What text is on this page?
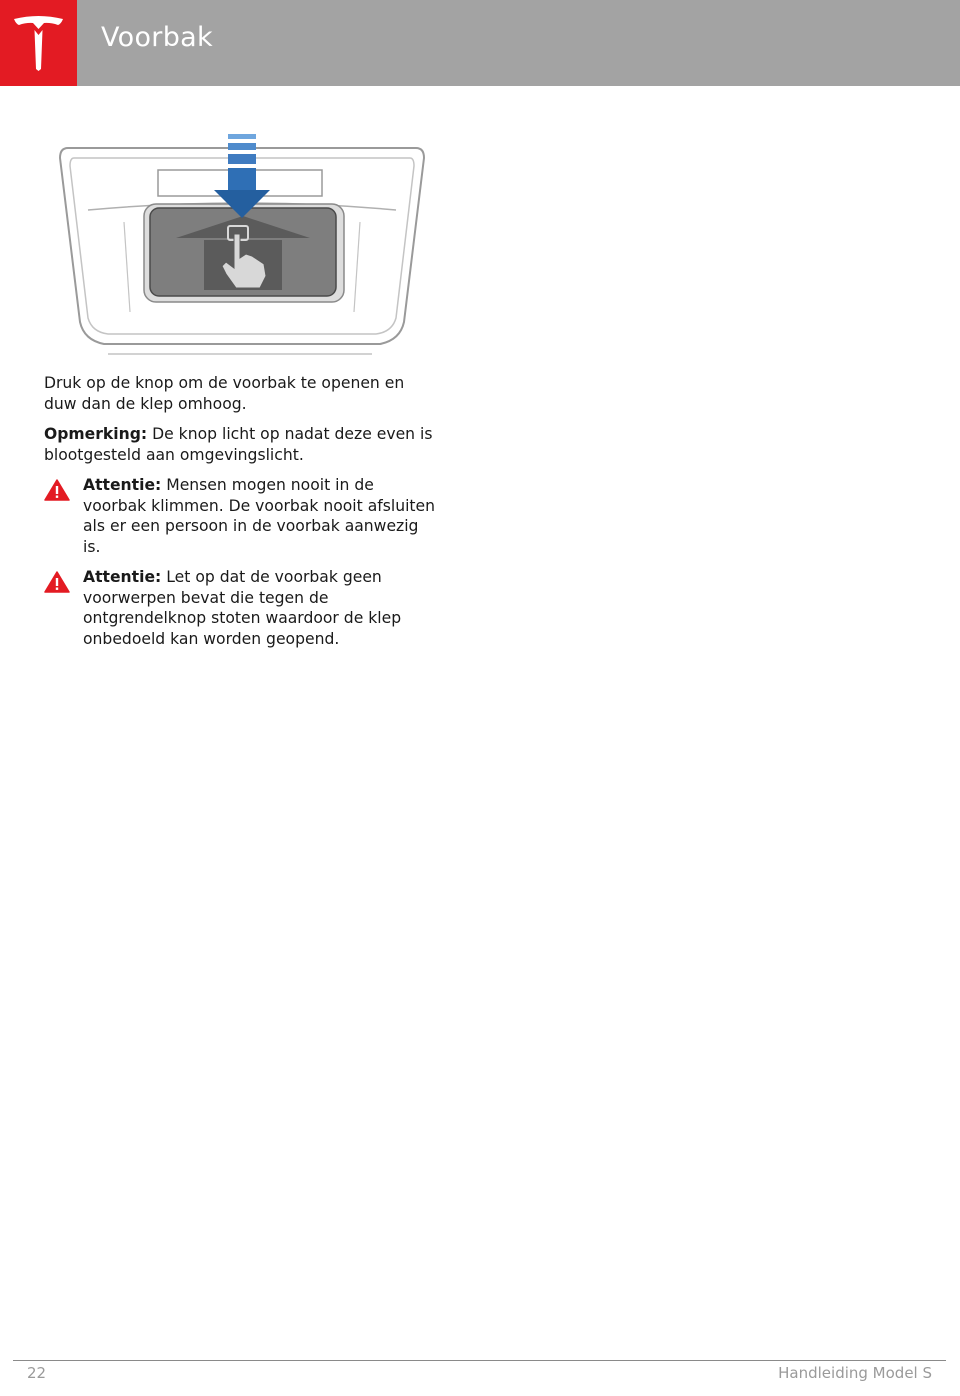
Voorbak

Druk op de knop om de voorbak te openen en duw dan de klep omhoog.

Opmerking: De knop licht op nadat deze even is blootgesteld aan omgevingslicht.

Attentie: Mensen mogen nooit in de voorbak klimmen. De voorbak nooit afsluiten als er een persoon in de voorbak aanwezig is.
Attentie: Let op dat de voorbak geen voorwerpen bevat die tegen de ontgrendelknop stoten waardoor de klep onbedoeld kan worden geopend.
22	Handleiding Model S
